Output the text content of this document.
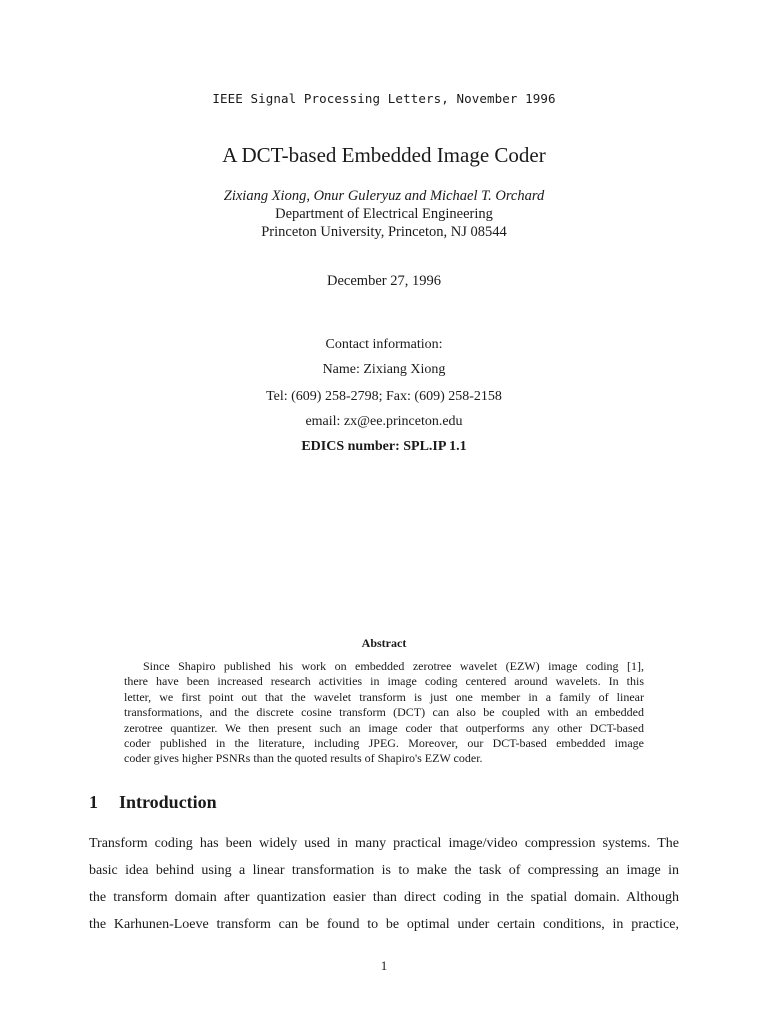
IEEE Signal Processing Letters, November 1996
A DCT-based Embedded Image Coder
Zixiang Xiong, Onur Guleryuz and Michael T. Orchard
Department of Electrical Engineering
Princeton University, Princeton, NJ 08544
December 27, 1996
Contact information:
Name: Zixiang Xiong
Tel: (609) 258-2798; Fax: (609) 258-2158
email: zx@ee.princeton.edu
EDICS number: SPL.IP 1.1
Abstract
Since Shapiro published his work on embedded zerotree wavelet (EZW) image coding [1],
there have been increased research activities in image coding centered around wavelets. In this
letter, we first point out that the wavelet transform is just one member in a family of linear
transformations, and the discrete cosine transform (DCT) can also be coupled with an embedded
zerotree quantizer. We then present such an image coder that outperforms any other DCT-based
coder published in the literature, including JPEG. Moreover, our DCT-based embedded image
coder gives higher PSNRs than the quoted results of Shapiro's EZW coder.
1 Introduction
Transform coding has been widely used in many practical image/video compression systems. The
basic idea behind using a linear transformation is to make the task of compressing an image in
the transform domain after quantization easier than direct coding in the spatial domain. Although
the Karhunen-Loeve transform can be found to be optimal under certain conditions, in practice,
1
